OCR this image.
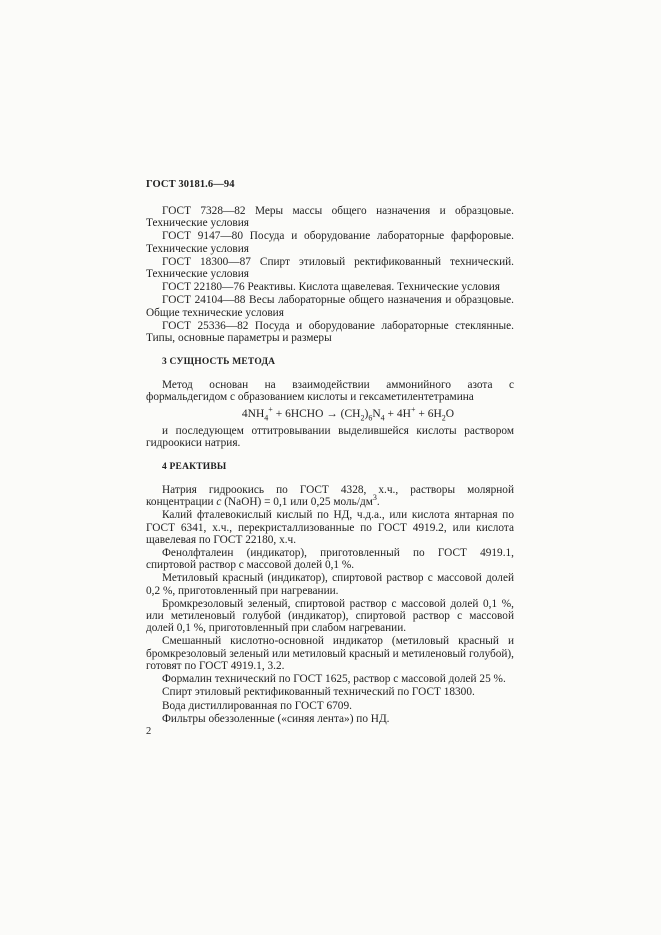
ГОСТ 30181.6—94

ГОСТ 7328—82 Меры массы общего назначения и образцовые. Технические условия

ГОСТ 9147—80 Посуда и оборудование лабораторные фарфоровые. Технические условия

ГОСТ 18300—87 Спирт этиловый ректификованный технический. Технические условия

ГОСТ 22180—76 Реактивы. Кислота щавелевая. Технические условия

ГОСТ 24104—88 Весы лабораторные общего назначения и образцовые. Общие технические условия

ГОСТ 25336—82 Посуда и оборудование лабораторные стеклянные. Типы, основные параметры и размеры

3 СУЩНОСТЬ МЕТОДА

Метод основан на взаимодействии аммонийного азота с формальдегидом с образованием кислоты и гексаметилентетрамина

$4NH_4^+$ + 6HCHO → $(CH_2)_6N_4 + 4H^+ + 6H_2O$

и последующем оттитровывании выделившейся кислоты раствором гидроокиси натрия.

4 РЕАКТИВЫ

Натрия гидроокись по ГОСТ 4328, х.ч., растворы молярной концентрации c (NaOH) = 0,1 или 0,25 моль/$дм^3$.

Калий фталевокислый кислый по НД, ч.д.а., или кислота янтарная по ГОСТ 6341, х.ч., перекристаллизованные по ГОСТ 4919.2, или кислота щавелевая по ГОСТ 22180, х.ч.

Фенолфталеин (индикатор), приготовленный по ГОСТ 4919.1, спиртовой раствор с массовой долей 0,1 %.

Метиловый красный (индикатор), спиртовой раствор с массовой долей 0,2 %, приготовленный при нагревании.

Бромкрезоловый зеленый, спиртовой раствор с массовой долей 0,1 %, или метиленовый голубой (индикатор), спиртовой раствор с массовой долей 0,1 %, приготовленный при слабом нагревании.

Смешанный кислотно-основной индикатор (метиловый красный и бромкрезоловый зеленый или метиловый красный и метиленовый голубой), готовят по ГОСТ 4919.1, 3.2.

Формалин технический по ГОСТ 1625, раствор с массовой долей 25 %.

Спирт этиловый ректификованный технический по ГОСТ 18300.

Вода дистиллированная по ГОСТ 6709.

Фильтры обеззоленные («синяя лента») по НД.

2
